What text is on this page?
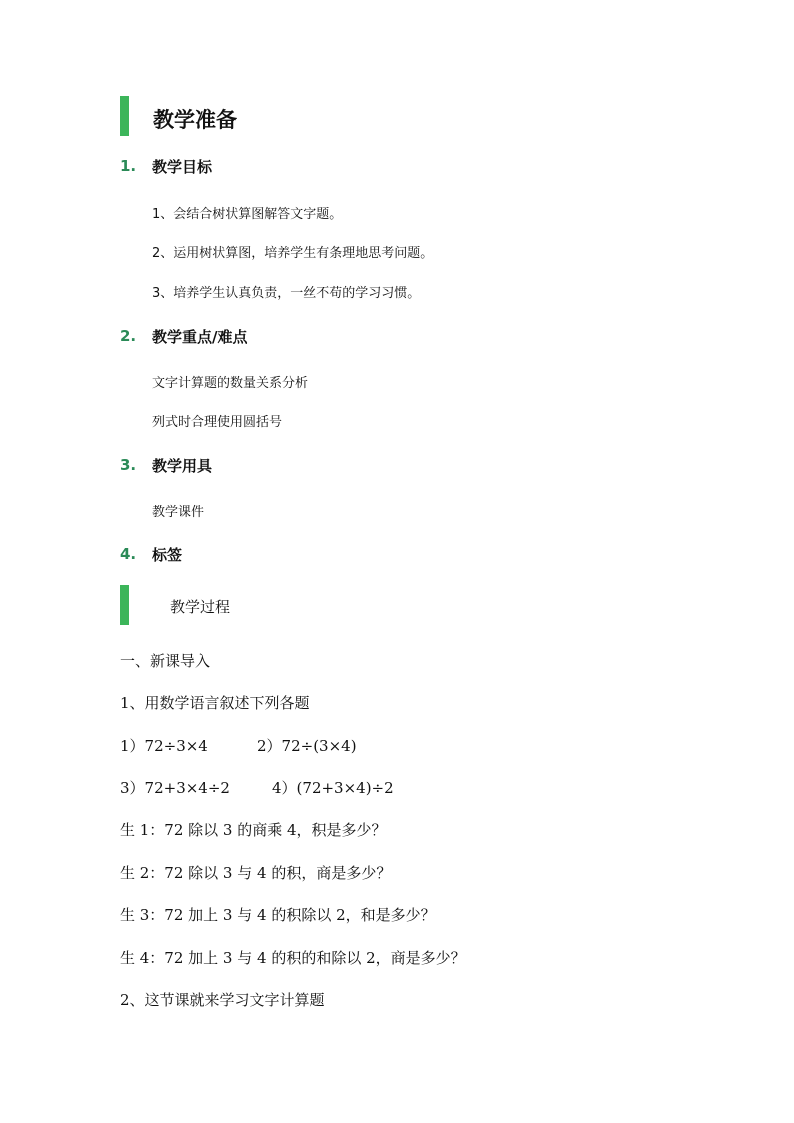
教学准备
1. 教学目标
1、会结合树状算图解答文字题。
2、运用树状算图，培养学生有条理地思考问题。
3、培养学生认真负责，一丝不苟的学习习惯。
2. 教学重点/难点
文字计算题的数量关系分析
列式时合理使用圆括号
3. 教学用具
教学课件
4. 标签
教学过程
一、新课导入
1、用数学语言叙述下列各题
1）72÷3×4	2）72÷(3×4)
3）72+3×4÷2	4）(72+3×4)÷2
生 1：72 除以 3 的商乘 4，积是多少？
生 2：72 除以 3 与 4 的积，商是多少？
生 3：72 加上 3 与 4 的积除以 2，和是多少？
生 4：72 加上 3 与 4 的积的和除以 2，商是多少？
2、这节课就来学习文字计算题
